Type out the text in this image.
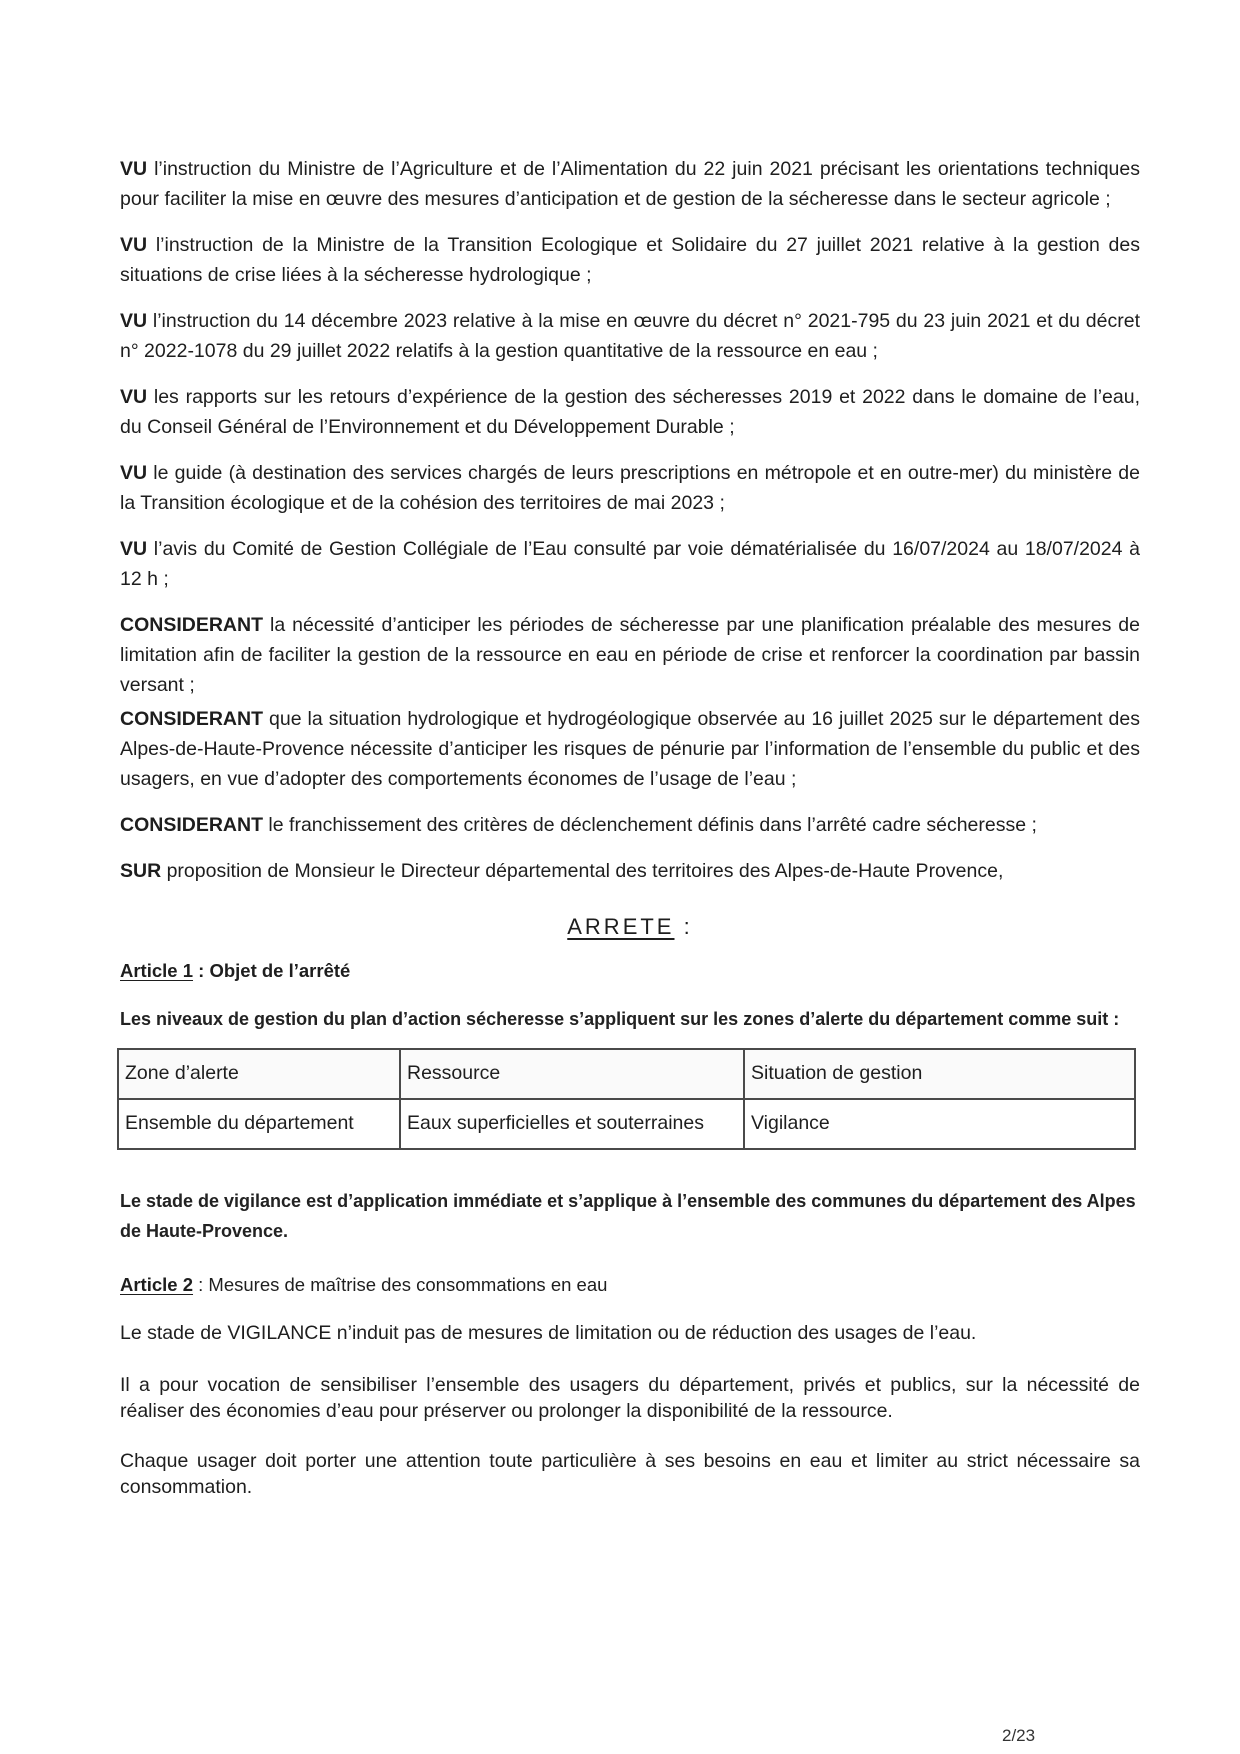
VU l’instruction du Ministre de l’Agriculture et de l’Alimentation du 22 juin 2021 précisant les orientations techniques pour faciliter la mise en œuvre des mesures d’anticipation et de gestion de la sécheresse dans le secteur agricole ;

VU l’instruction de la Ministre de la Transition Ecologique et Solidaire du 27 juillet 2021 relative à la gestion des situations de crise liées à la sécheresse hydrologique ;

VU l’instruction du 14 décembre 2023 relative à la mise en œuvre du décret n° 2021-795 du 23 juin 2021 et du décret n° 2022-1078 du 29 juillet 2022 relatifs à la gestion quantitative de la ressource en eau ;

VU les rapports sur les retours d’expérience de la gestion des sécheresses 2019 et 2022 dans le domaine de l’eau, du Conseil Général de l’Environnement et du Développement Durable ;

VU le guide (à destination des services chargés de leurs prescriptions en métropole et en outre-mer) du ministère de la Transition écologique et de la cohésion des territoires de mai 2023 ;

VU l’avis du Comité de Gestion Collégiale de l’Eau consulté par voie dématérialisée du 16/07/2024 au 18/07/2024 à 12 h ;

CONSIDERANT la nécessité d’anticiper les périodes de sécheresse par une planification préalable des mesures de limitation afin de faciliter la gestion de la ressource en eau en période de crise et renforcer la coordination par bassin versant ;

CONSIDERANT que la situation hydrologique et hydrogéologique observée au 16 juillet 2025 sur le département des Alpes-de-Haute-Provence nécessite d’anticiper les risques de pénurie par l’information de l’ensemble du public et des usagers, en vue d’adopter des comportements économes de l’usage de l’eau ;

CONSIDERANT le franchissement des critères de déclenchement définis dans l’arrêté cadre sécheresse ;

SUR proposition de Monsieur le Directeur départemental des territoires des Alpes-de-Haute Provence,

ARRETE :

Article 1 : Objet de l’arrêté

Les niveaux de gestion du plan d’action sécheresse s’appliquent sur les zones d’alerte du département comme suit :

Zone d’alerte	Ressource	Situation de gestion
Ensemble du département	Eaux superficielles et souterraines	Vigilance

Le stade de vigilance est d’application immédiate et s’applique à l’ensemble des communes du département des Alpes de Haute-Provence.

Article 2 : Mesures de maîtrise des consommations en eau

Le stade de VIGILANCE n’induit pas de mesures de limitation ou de réduction des usages de l’eau.

Il a pour vocation de sensibiliser l’ensemble des usagers du département, privés et publics, sur la nécessité de réaliser des économies d’eau pour préserver ou prolonger la disponibilité de la ressource.

Chaque usager doit porter une attention toute particulière à ses besoins en eau et limiter au strict nécessaire sa consommation.

2/23
